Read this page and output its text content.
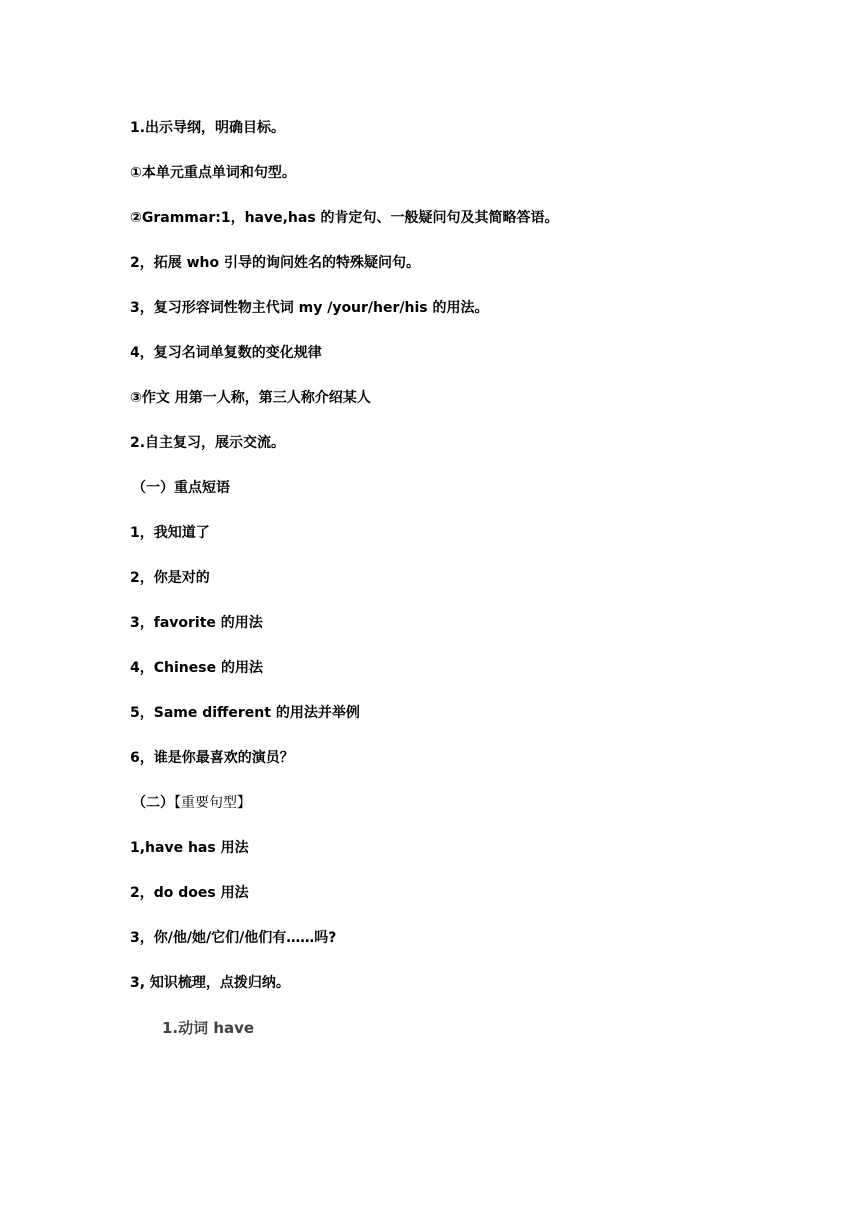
1.出示导纲，明确目标。
①本单元重点单词和句型。
②Grammar:1，have,has 的肯定句、一般疑问句及其简略答语。
2，拓展 who 引导的询问姓名的特殊疑问句。
3，复习形容词性物主代词 my /your/her/his 的用法。
4，复习名词单复数的变化规律
③作文 用第一人称，第三人称介绍某人
2.自主复习，展示交流。
（一）重点短语
1，我知道了
2，你是对的
3，favorite 的用法
4，Chinese 的用法
5，Same different 的用法并举例
6，谁是你最喜欢的演员？
（二）【重要句型】
1,have has 用法
2，do does 用法
3，你/他/她/它们/他们有……吗?
3, 知识梳理，点拨归纳。
1.动词 have
